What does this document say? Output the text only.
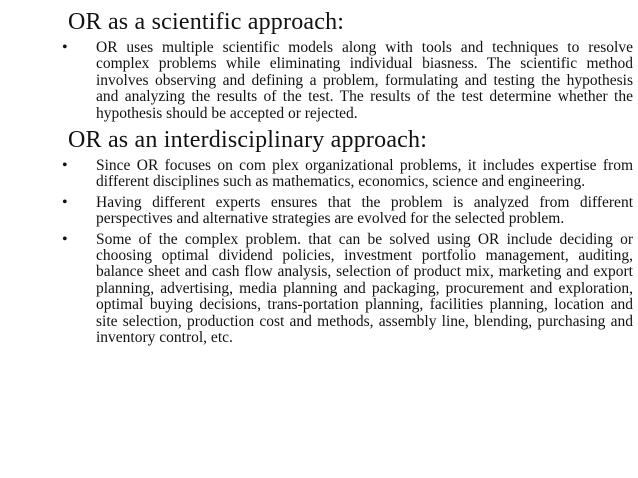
OR as a scientific approach:
• OR uses multiple scientific models along with tools and techniques to resolve complex problems while eliminating individual biasness. The scientific method involves observing and defining a problem, formulating and testing the hypothesis and analyzing the results of the test. The results of the test determine whether the hypothesis should be accepted or rejected.
OR as an interdisciplinary approach:
• Since OR focuses on com plex organizational problems, it includes expertise from different disciplines such as mathematics, economics, science and engineering.
• Having different experts ensures that the problem is analyzed from different perspectives and alternative strategies are evolved for the selected problem.
• Some of the complex problem. that can be solved using OR include deciding or choosing optimal dividend policies, investment portfolio management, auditing, balance sheet and cash flow analysis, selection of product mix, marketing and export planning, advertising, media planning and packaging, procurement and exploration, optimal buying decisions, trans-portation planning, facilities planning, location and site selection, production cost and methods, assembly line, blending, purchasing and inventory control, etc.
